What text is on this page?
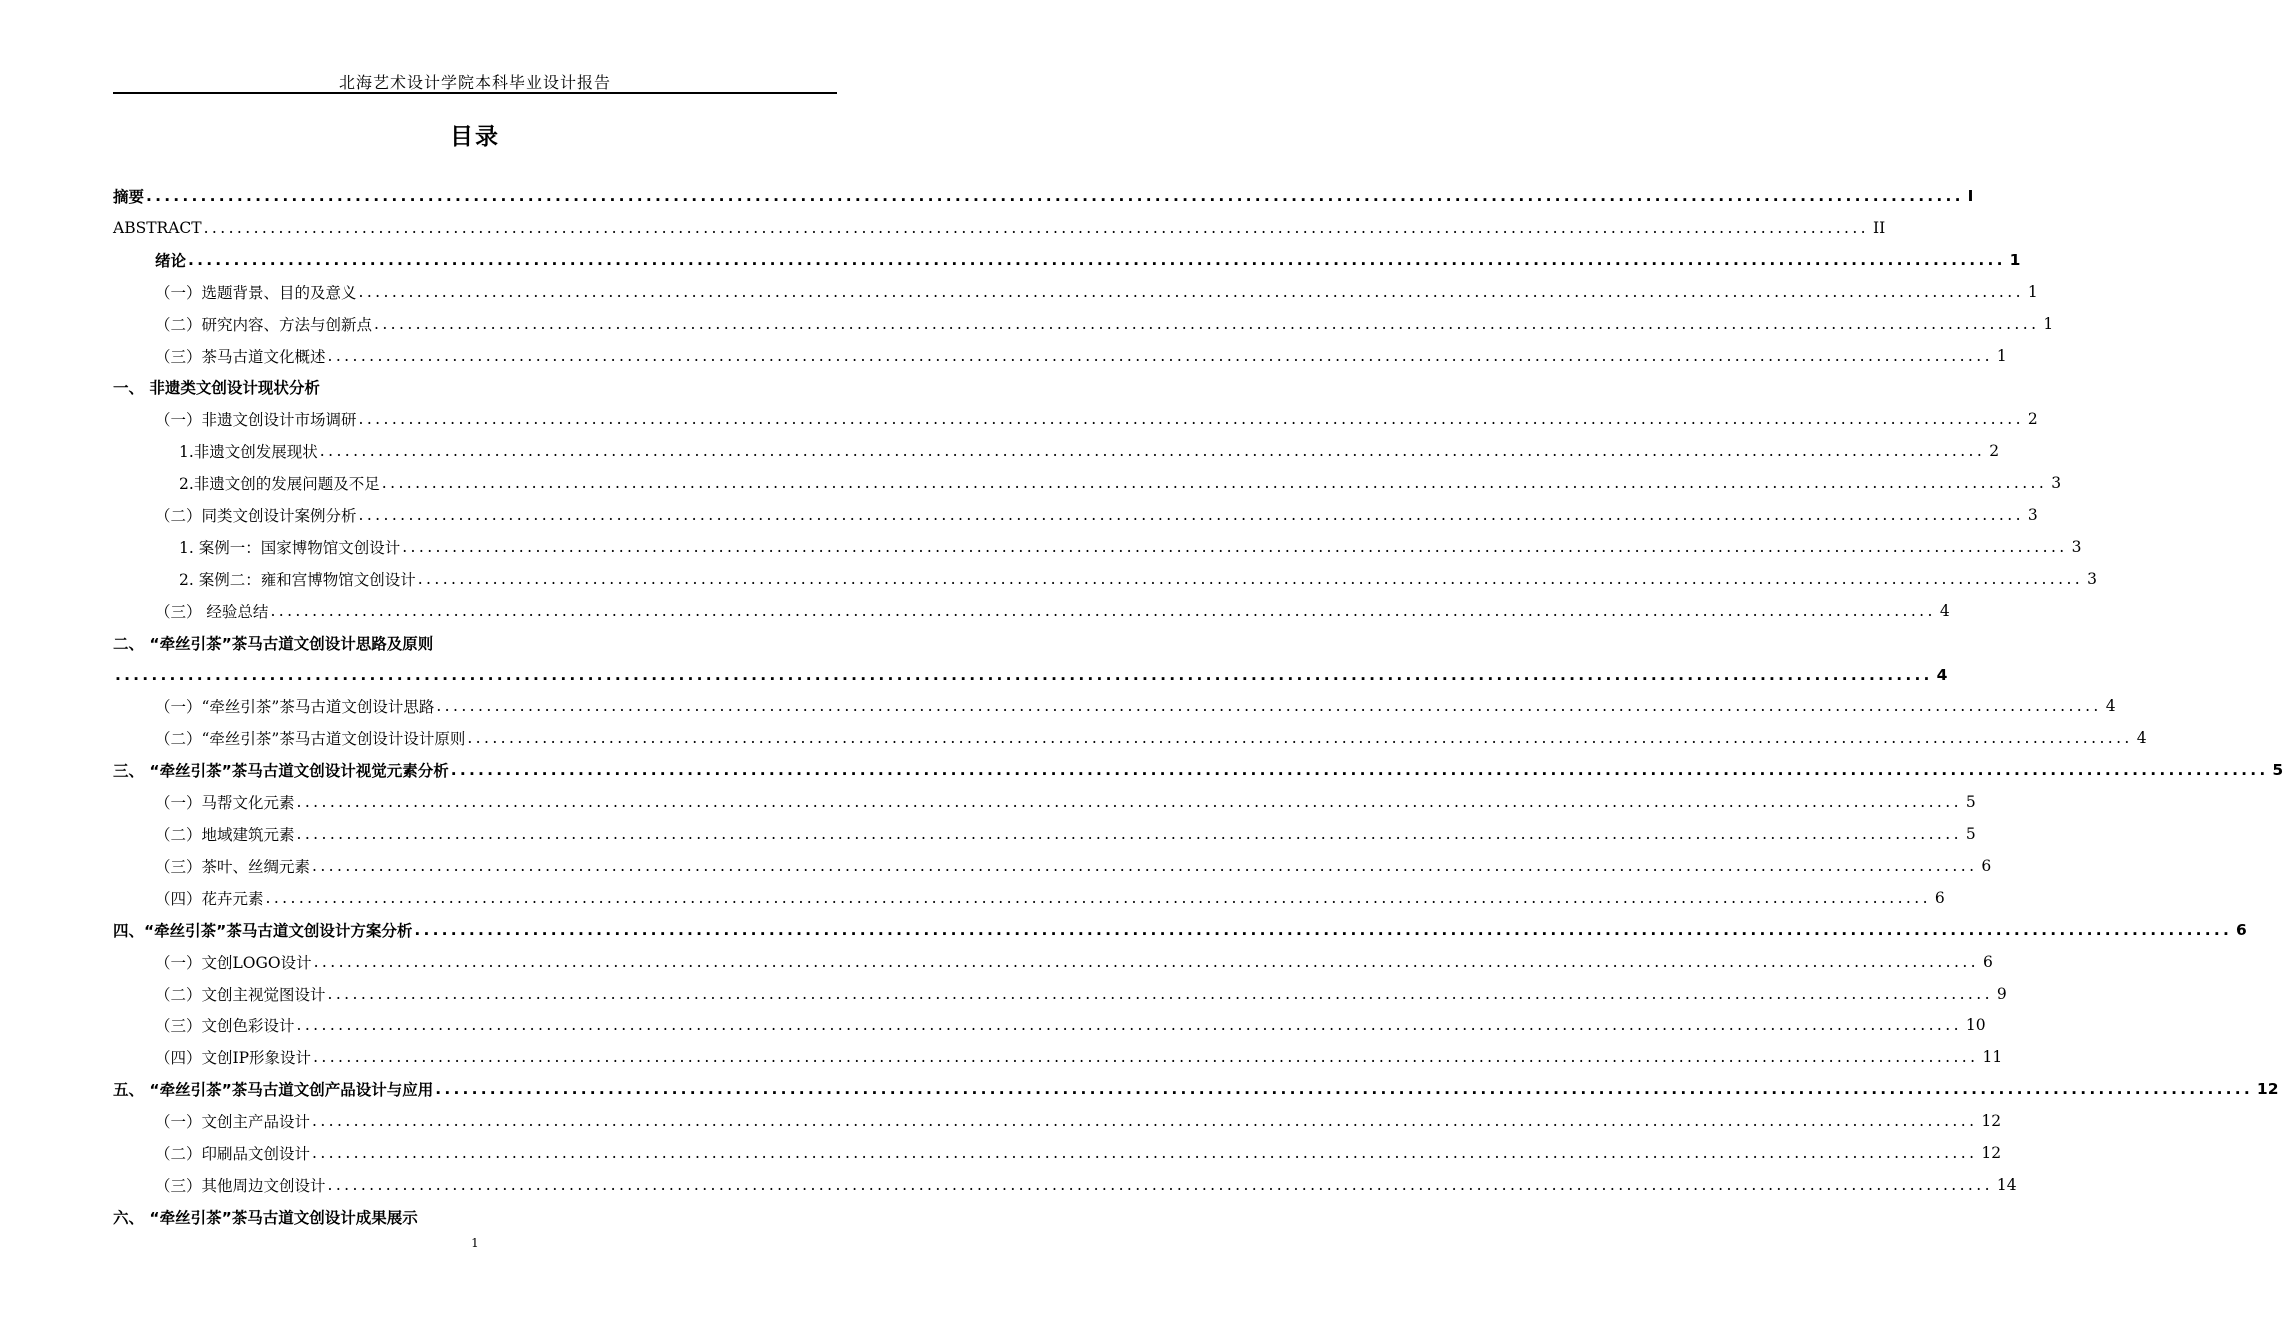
北海艺术设计学院本科毕业设计报告
目录
摘要 ........................................................................................................................................................................................................ I
ABSTRACT ........................................................................................................................................................................................................ II
绪论 ........................................................................................................................................................................................................ 1
（一）选题背景、目的及意义 ........................................................................................................................................................................................................ 1
（二）研究内容、方法与创新点 ........................................................................................................................................................................................................ 1
（三）茶马古道文化概述 ........................................................................................................................................................................................................ 1
一、 非遗类文创设计现状分析
（一）非遗文创设计市场调研 ........................................................................................................................................................................................................ 2
1.非遗文创发展现状 ........................................................................................................................................................................................................ 2
2.非遗文创的发展问题及不足 ........................................................................................................................................................................................................ 3
（二）同类文创设计案例分析 ........................................................................................................................................................................................................ 3
1. 案例一：国家博物馆文创设计 ........................................................................................................................................................................................................ 3
2. 案例二：雍和宫博物馆文创设计 ........................................................................................................................................................................................................ 3
（三） 经验总结 ........................................................................................................................................................................................................ 4
二、 “牵丝引茶”茶马古道文创设计思路及原则
........................................................................................................................................................................................................ 4
（一）“牵丝引茶”茶马古道文创设计思路 ........................................................................................................................................................................................................ 4
（二）“牵丝引茶”茶马古道文创设计设计原则 ........................................................................................................................................................................................................ 4
三、 “牵丝引茶”茶马古道文创设计视觉元素分析 ........................................................................................................................................................................................................ 5
（一）马帮文化元素 ........................................................................................................................................................................................................ 5
（二）地域建筑元素 ........................................................................................................................................................................................................ 5
（三）茶叶、丝绸元素 ........................................................................................................................................................................................................ 6
（四）花卉元素 ........................................................................................................................................................................................................ 6
四、“牵丝引茶”茶马古道文创设计方案分析 ........................................................................................................................................................................................................ 6
（一）文创LOGO设计 ........................................................................................................................................................................................................ 6
（二）文创主视觉图设计 ........................................................................................................................................................................................................ 9
（三）文创色彩设计 ........................................................................................................................................................................................................ 10
（四）文创IP形象设计 ........................................................................................................................................................................................................ 11
五、 “牵丝引茶”茶马古道文创产品设计与应用 ........................................................................................................................................................................................................ 12
（一）文创主产品设计 ........................................................................................................................................................................................................ 12
（二）印刷品文创设计 ........................................................................................................................................................................................................ 12
（三）其他周边文创设计 ........................................................................................................................................................................................................ 14
六、 “牵丝引茶”茶马古道文创设计成果展示
1
